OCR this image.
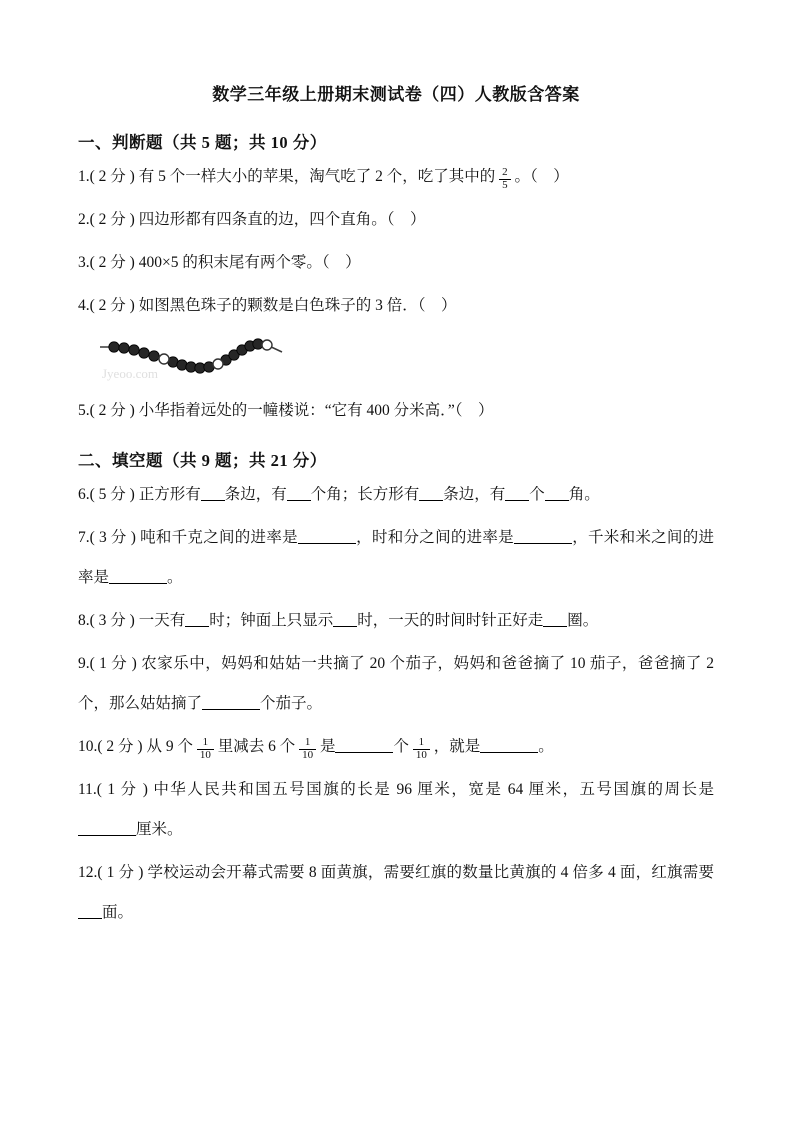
数学三年级上册期末测试卷（四）人教版含答案
一、判断题（共 5 题；共 10 分）

1.( 2 分 ) 有 5 个一样大小的苹果，淘气吃了 2 个，吃了其中的 $\frac{2}{5}$ 。（　）

2.( 2 分 ) 四边形都有四条直的边，四个直角。（　）

3.( 2 分 ) 400×5 的积末尾有两个零。（　）

4.( 2 分 ) 如图黑色珠子的颗数是白色珠子的 3 倍．（　）

Jyeoo.com

5.( 2 分 ) 小华指着远处的一幢楼说：“它有 400 分米高．”（　）

二、填空题（共 9 题；共 21 分）

6.( 5 分 ) 正方形有 条边，有 个角；长方形有 条边，有 个 角。

7.( 3 分 ) 吨和千克之间的进率是	，时和分之间的进率是	，千米和米之间的进率是	。

8.( 3 分 ) 一天有 时；钟面上只显示 时，一天的时间时针正好走 圈。

9.( 1 分 ) 农家乐中，妈妈和姑姑一共摘了 20 个茄子，妈妈和爸爸摘了 10 茄子，爸爸摘了 2 个，那么姑姑摘了	个茄子。

10.( 2 分 ) 从 9 个 $\frac{1}{10}$ 里减去 6 个 $\frac{1}{10}$ 是	个 $\frac{1}{10}$ ，就是	。

11.( 1 分 ) 中华人民共和国五号国旗的长是 96 厘米，宽是 64 厘米，五号国旗的周长是厘米。

12.( 1 分 ) 学校运动会开幕式需要 8 面黄旗，需要红旗的数量比黄旗的 4 倍多 4 面，红旗需要面。
